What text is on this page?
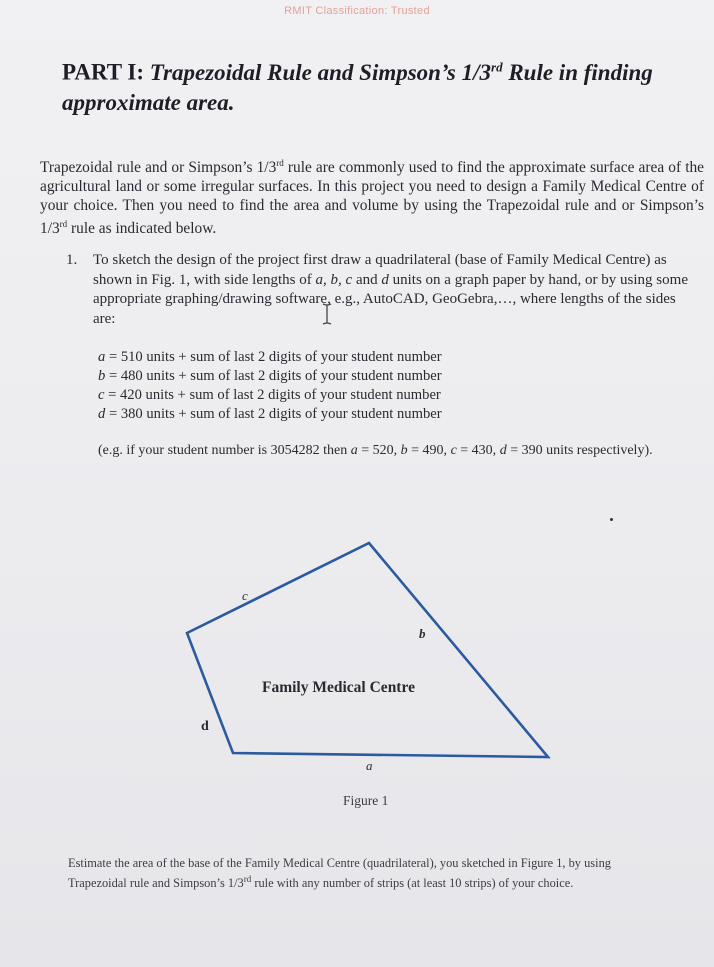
RMIT Classification: Trusted
PART I: Trapezoidal Rule and Simpson’s 1/3rd Rule in finding
approximate area.
Trapezoidal rule and or Simpson’s 1/3rd rule are commonly used to find the approximate surface area of the agricultural land or some irregular surfaces. In this project you need to design a Family Medical Centre of your choice. Then you need to find the area and volume by using the Trapezoidal rule and or Simpson’s 1/3rd rule as indicated below.
1. To sketch the design of the project first draw a quadrilateral (base of Family Medical Centre) as shown in Fig. 1, with side lengths of a, b, c and d units on a graph paper by hand, or by using some appropriate graphing/drawing software, e.g., AutoCAD, GeoGebra,…, where lengths of the sides are:
a = 510 units + sum of last 2 digits of your student number
b = 480 units + sum of last 2 digits of your student number
c = 420 units + sum of last 2 digits of your student number
d = 380 units + sum of last 2 digits of your student number
(e.g. if your student number is 3054282 then a = 520, b = 490, c = 430, d = 390 units respectively).
c
b
d
a
Family Medical Centre
Figure 1
Estimate the area of the base of the Family Medical Centre (quadrilateral), you sketched in Figure 1, by using Trapezoidal rule and Simpson’s 1/3rd rule with any number of strips (at least 10 strips) of your choice.
